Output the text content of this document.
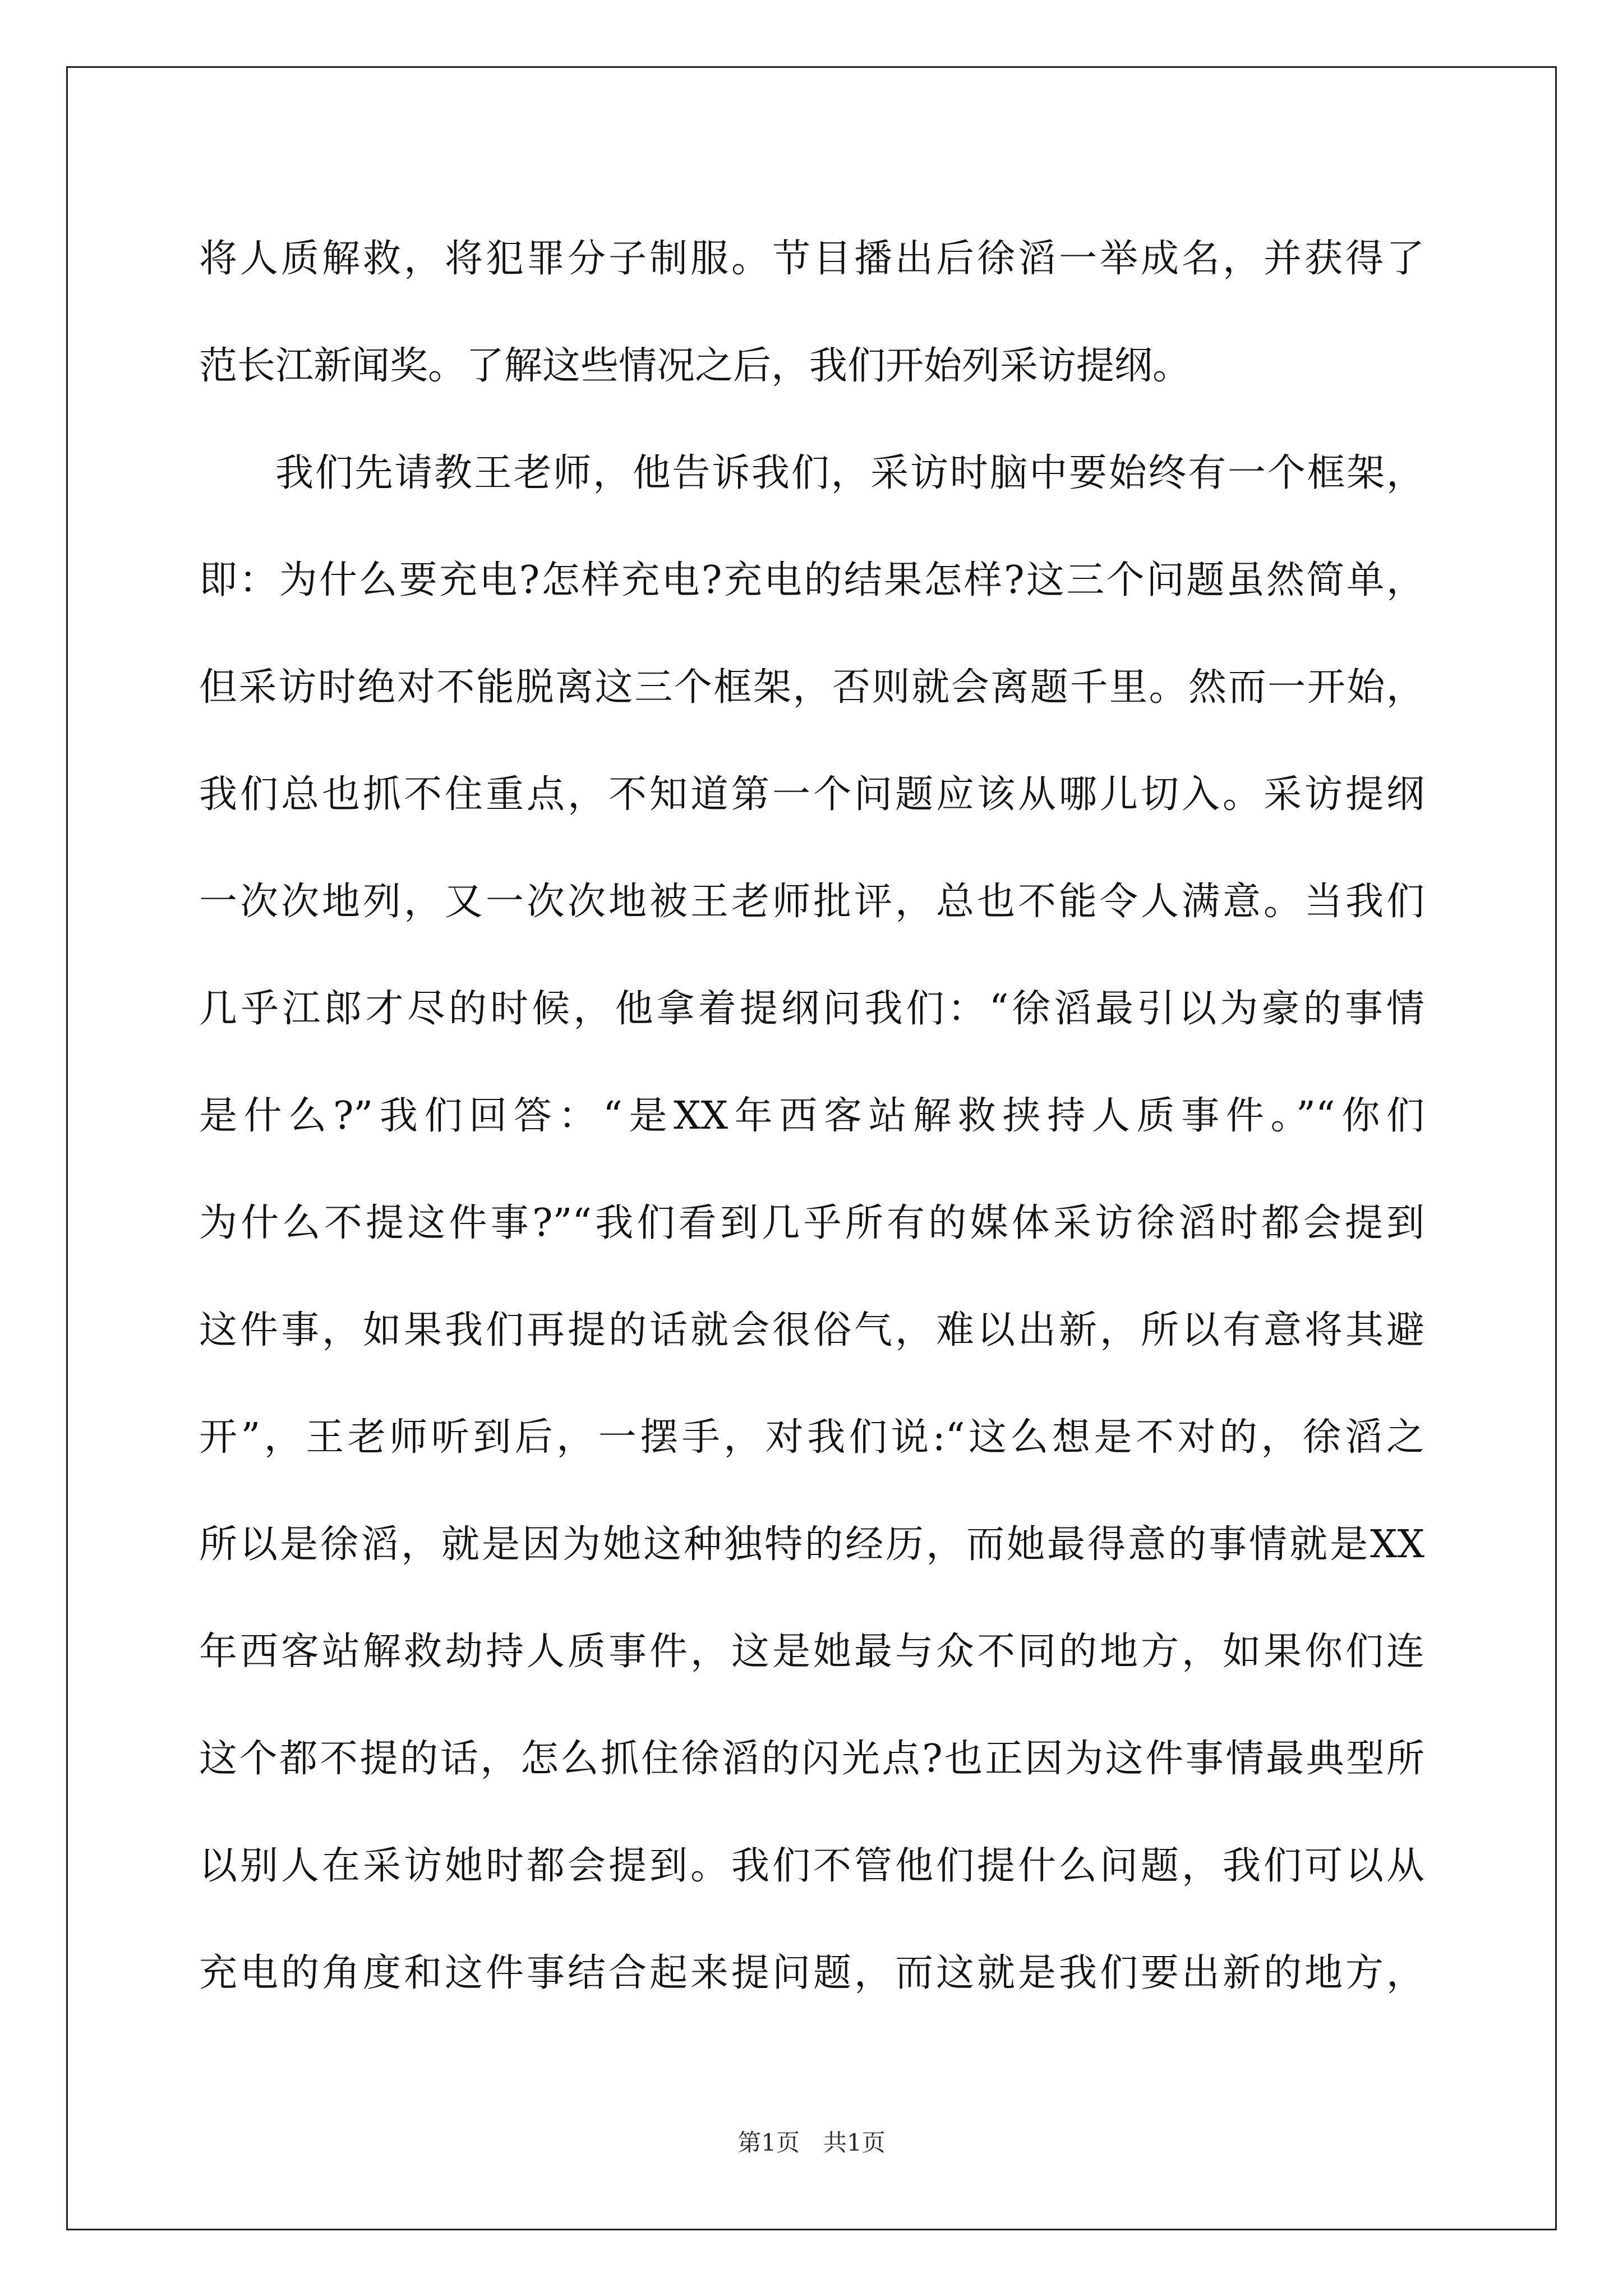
将人质解救，将犯罪分子制服。节目播出后徐滔一举成名，并获得了
范长江新闻奖。了解这些情况之后，我们开始列采访提纲。
我们先请教王老师，他告诉我们，采访时脑中要始终有一个框架，
即：为什么要充电?怎样充电?充电的结果怎样?这三个问题虽然简单，
但采访时绝对不能脱离这三个框架，否则就会离题千里。然而一开始，
我们总也抓不住重点，不知道第一个问题应该从哪儿切入。采访提纲
一次次地列，又一次次地被王老师批评，总也不能令人满意。当我们
几乎江郎才尽的时候，他拿着提纲问我们：“徐滔最引以为豪的事情
是什么?”我们回答：“是XX年西客站解救挟持人质事件。”“你们
为什么不提这件事?”“我们看到几乎所有的媒体采访徐滔时都会提到
这件事，如果我们再提的话就会很俗气，难以出新，所以有意将其避
开”，王老师听到后，一摆手，对我们说:“这么想是不对的，徐滔之
所以是徐滔，就是因为她这种独特的经历，而她最得意的事情就是XX
年西客站解救劫持人质事件，这是她最与众不同的地方，如果你们连
这个都不提的话，怎么抓住徐滔的闪光点?也正因为这件事情最典型所
以别人在采访她时都会提到。我们不管他们提什么问题，我们可以从
充电的角度和这件事结合起来提问题，而这就是我们要出新的地方，
第1页　共1页
